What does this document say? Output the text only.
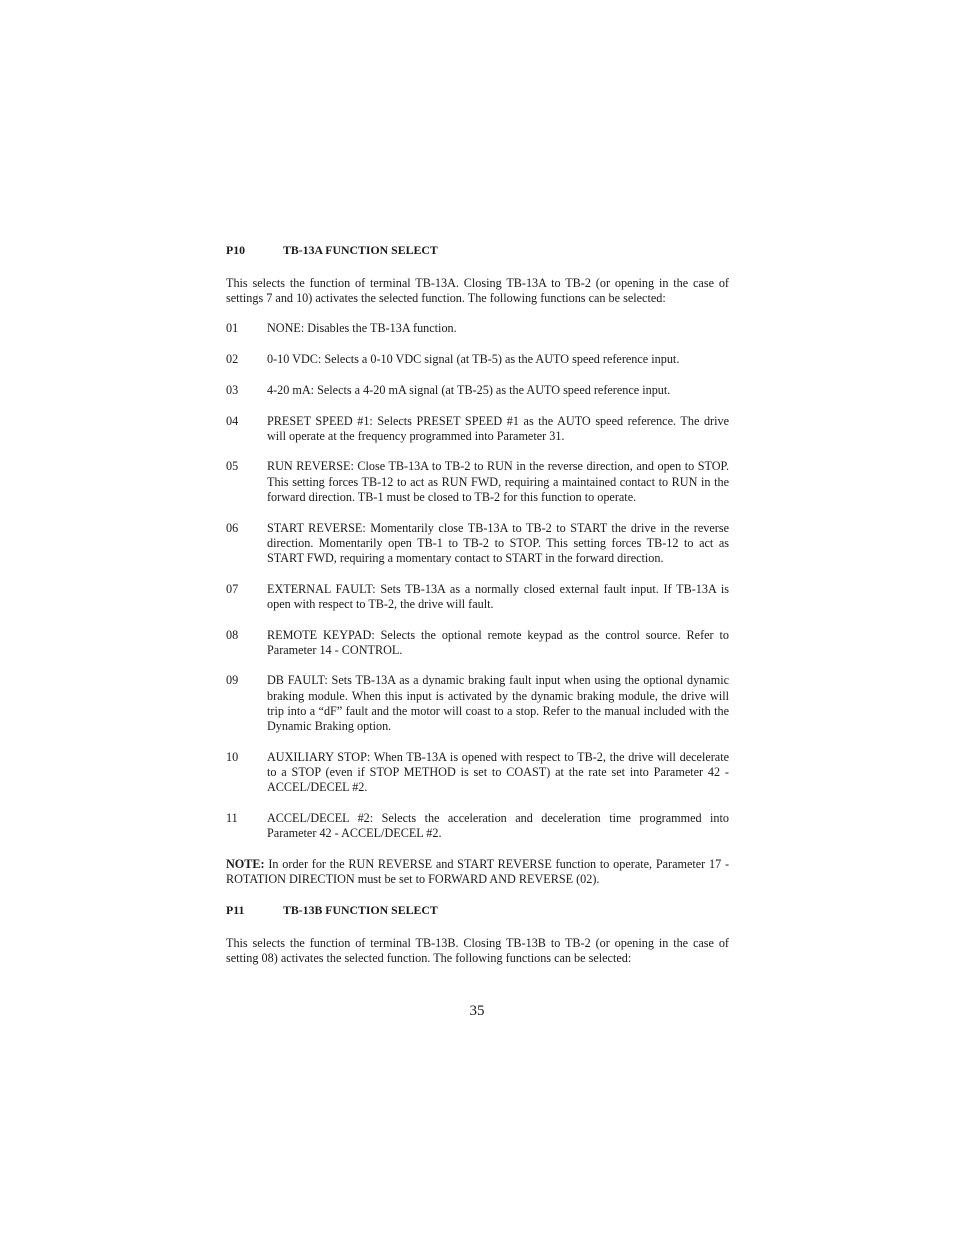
P10	TB-13A FUNCTION SELECT

This selects the function of terminal TB-13A. Closing TB-13A to TB-2 (or opening in the case of settings 7 and 10) activates the selected function. The following functions can be selected:

01	NONE: Disables the TB-13A function.
02	0-10 VDC: Selects a 0-10 VDC signal (at TB-5) as the AUTO speed reference input.
03	4-20 mA: Selects a 4-20 mA signal (at TB-25) as the AUTO speed reference input.
04	PRESET SPEED #1: Selects PRESET SPEED #1 as the AUTO speed reference. The drive will operate at the frequency programmed into Parameter 31.
05	RUN REVERSE: Close TB-13A to TB-2 to RUN in the reverse direction, and open to STOP. This setting forces TB-12 to act as RUN FWD, requiring a maintained contact to RUN in the forward direction. TB-1 must be closed to TB-2 for this function to operate.
06	START REVERSE: Momentarily close TB-13A to TB-2 to START the drive in the reverse direction. Momentarily open TB-1 to TB-2 to STOP. This setting forces TB-12 to act as START FWD, requiring a momentary contact to START in the forward direction.
07	EXTERNAL FAULT: Sets TB-13A as a normally closed external fault input. If TB-13A is open with respect to TB-2, the drive will fault.
08	REMOTE KEYPAD: Selects the optional remote keypad as the control source. Refer to Parameter 14 - CONTROL.
09	DB FAULT: Sets TB-13A as a dynamic braking fault input when using the optional dynamic braking module. When this input is activated by the dynamic braking module, the drive will trip into a “dF” fault and the motor will coast to a stop. Refer to the manual included with the Dynamic Braking option.
10	AUXILIARY STOP: When TB-13A is opened with respect to TB-2, the drive will decelerate to a STOP (even if STOP METHOD is set to COAST) at the rate set into Parameter 42 - ACCEL/DECEL #2.
11	ACCEL/DECEL #2: Selects the acceleration and deceleration time programmed into Parameter 42 - ACCEL/DECEL #2.

NOTE: In order for the RUN REVERSE and START REVERSE function to operate, Parameter 17 - ROTATION DIRECTION must be set to FORWARD AND REVERSE (02).

P11	TB-13B FUNCTION SELECT

This selects the function of terminal TB-13B. Closing TB-13B to TB-2 (or opening in the case of setting 08) activates the selected function. The following functions can be selected:

35
